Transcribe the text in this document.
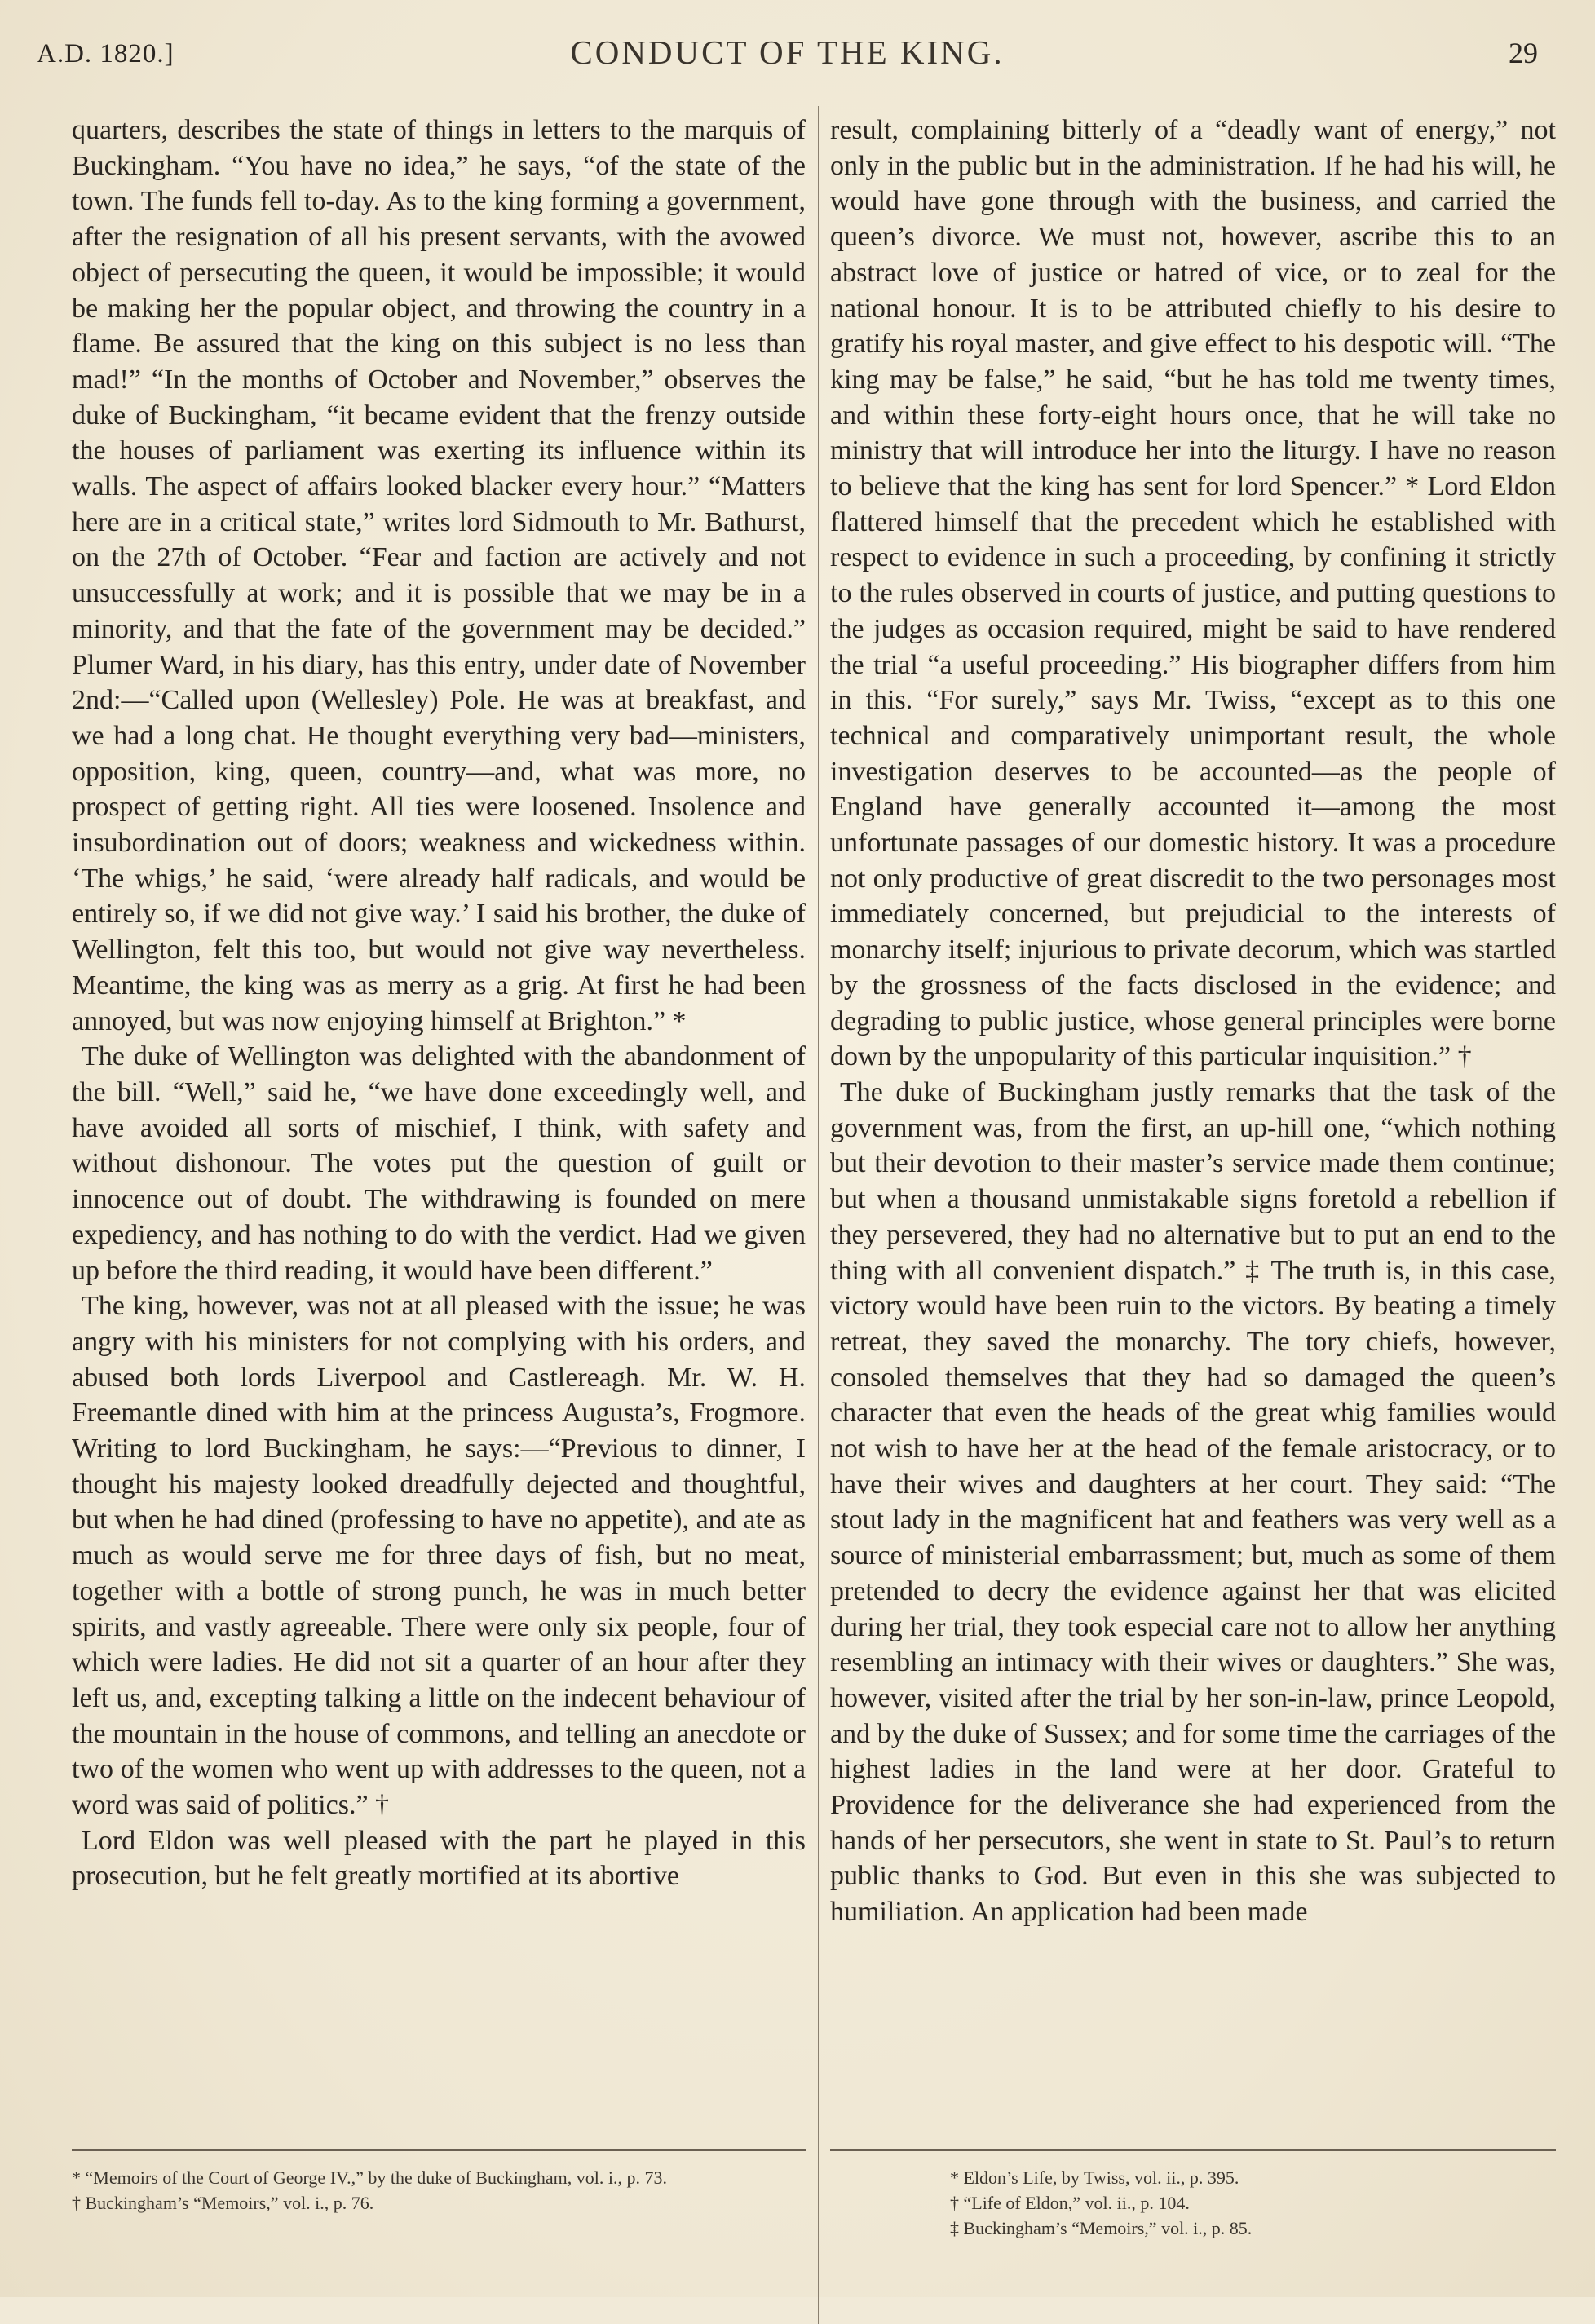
A.D. 1820.]	CONDUCT OF THE KING.	29

quarters, describes the state of things in letters to the marquis of Buckingham. “You have no idea,” he says, “of the state of the town. The funds fell to-day. As to the king forming a government, after the resignation of all his present servants, with the avowed object of persecuting the queen, it would be impossible; it would be making her the popular object, and throwing the country in a flame. Be assured that the king on this subject is no less than mad!” “In the months of October and November,” observes the duke of Buckingham, “it became evident that the frenzy outside the houses of parliament was exerting its influence within its walls. The aspect of affairs looked blacker every hour.” “Matters here are in a critical state,” writes lord Sidmouth to Mr. Bathurst, on the 27th of October. “Fear and faction are actively and not unsuccessfully at work; and it is possible that we may be in a minority, and that the fate of the government may be decided.” Plumer Ward, in his diary, has this entry, under date of November 2nd:—“Called upon (Wellesley) Pole. He was at breakfast, and we had a long chat. He thought everything very bad—ministers, opposition, king, queen, country—and, what was more, no prospect of getting right. All ties were loosened. Insolence and insubordination out of doors; weakness and wickedness within. ‘The whigs,’ he said, ‘were already half radicals, and would be entirely so, if we did not give way.’ I said his brother, the duke of Wellington, felt this too, but would not give way nevertheless. Meantime, the king was as merry as a grig. At first he had been annoyed, but was now enjoying himself at Brighton.” *

The duke of Wellington was delighted with the abandonment of the bill. “Well,” said he, “we have done exceedingly well, and have avoided all sorts of mischief, I think, with safety and without dishonour. The votes put the question of guilt or innocence out of doubt. The withdrawing is founded on mere expediency, and has nothing to do with the verdict. Had we given up before the third reading, it would have been different.”

The king, however, was not at all pleased with the issue; he was angry with his ministers for not complying with his orders, and abused both lords Liverpool and Castlereagh. Mr. W. H. Freemantle dined with him at the princess Augusta’s, Frogmore. Writing to lord Buckingham, he says:—“Previous to dinner, I thought his majesty looked dreadfully dejected and thoughtful, but when he had dined (professing to have no appetite), and ate as much as would serve me for three days of fish, but no meat, together with a bottle of strong punch, he was in much better spirits, and vastly agreeable. There were only six people, four of which were ladies. He did not sit a quarter of an hour after they left us, and, excepting talking a little on the indecent behaviour of the mountain in the house of commons, and telling an anecdote or two of the women who went up with addresses to the queen, not a word was said of politics.” †

Lord Eldon was well pleased with the part he played in this prosecution, but he felt greatly mortified at its abortive

result, complaining bitterly of a “deadly want of energy,” not only in the public but in the administration. If he had his will, he would have gone through with the business, and carried the queen’s divorce. We must not, however, ascribe this to an abstract love of justice or hatred of vice, or to zeal for the national honour. It is to be attributed chiefly to his desire to gratify his royal master, and give effect to his despotic will. “The king may be false,” he said, “but he has told me twenty times, and within these forty-eight hours once, that he will take no ministry that will introduce her into the liturgy. I have no reason to believe that the king has sent for lord Spencer.” * Lord Eldon flattered himself that the precedent which he established with respect to evidence in such a proceeding, by confining it strictly to the rules observed in courts of justice, and putting questions to the judges as occasion required, might be said to have rendered the trial “a useful proceeding.” His biographer differs from him in this. “For surely,” says Mr. Twiss, “except as to this one technical and comparatively unimportant result, the whole investigation deserves to be accounted—as the people of England have generally accounted it—among the most unfortunate passages of our domestic history. It was a procedure not only productive of great discredit to the two personages most immediately concerned, but prejudicial to the interests of monarchy itself; injurious to private decorum, which was startled by the grossness of the facts disclosed in the evidence; and degrading to public justice, whose general principles were borne down by the unpopularity of this particular inquisition.” †

The duke of Buckingham justly remarks that the task of the government was, from the first, an up-hill one, “which nothing but their devotion to their master’s service made them continue; but when a thousand unmistakable signs foretold a rebellion if they persevered, they had no alternative but to put an end to the thing with all convenient dispatch.” ‡ The truth is, in this case, victory would have been ruin to the victors. By beating a timely retreat, they saved the monarchy. The tory chiefs, however, consoled themselves that they had so damaged the queen’s character that even the heads of the great whig families would not wish to have her at the head of the female aristocracy, or to have their wives and daughters at her court. They said: “The stout lady in the magnificent hat and feathers was very well as a source of ministerial embarrassment; but, much as some of them pretended to decry the evidence against her that was elicited during her trial, they took especial care not to allow her anything resembling an intimacy with their wives or daughters.” She was, however, visited after the trial by her son-in-law, prince Leopold, and by the duke of Sussex; and for some time the carriages of the highest ladies in the land were at her door. Grateful to Providence for the deliverance she had experienced from the hands of her persecutors, she went in state to St. Paul’s to return public thanks to God. But even in this she was subjected to humiliation. An application had been made

* “Memoirs of the Court of George IV.,” by the duke of Buckingham, vol. i., p. 73.
† Buckingham’s “Memoirs,” vol. i., p. 76.
* Eldon’s Life, by Twiss, vol. ii., p. 395.
† “Life of Eldon,” vol. ii., p. 104.
‡ Buckingham’s “Memoirs,” vol. i., p. 85.
